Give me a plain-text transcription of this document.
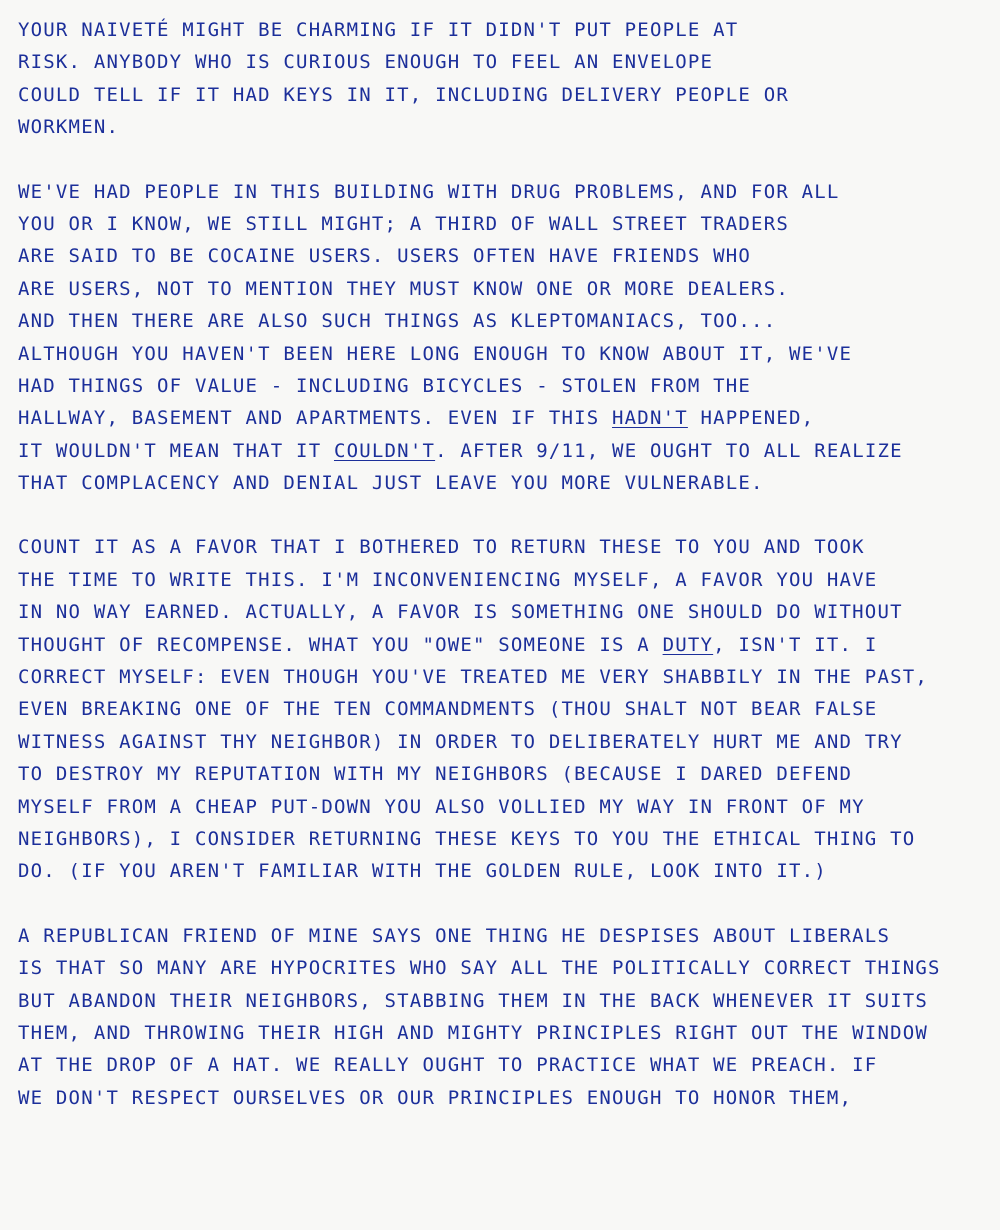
YOUR NAIVETÉ MIGHT BE CHARMING IF IT DIDN'T PUT PEOPLE AT
RISK. ANYBODY WHO IS CURIOUS ENOUGH TO FEEL AN ENVELOPE
COULD TELL IF IT HAD KEYS IN IT, INCLUDING DELIVERY PEOPLE OR
WORKMEN.
WE'VE HAD PEOPLE IN THIS BUILDING WITH DRUG PROBLEMS, AND FOR ALL
YOU OR I KNOW, WE STILL MIGHT; A THIRD OF WALL STREET TRADERS
ARE SAID TO BE COCAINE USERS. USERS OFTEN HAVE FRIENDS WHO
ARE USERS, NOT TO MENTION THEY MUST KNOW ONE OR MORE DEALERS.
AND THEN THERE ARE ALSO SUCH THINGS AS KLEPTOMANIACS, TOO...
ALTHOUGH YOU HAVEN'T BEEN HERE LONG ENOUGH TO KNOW ABOUT IT, WE'VE
HAD THINGS OF VALUE - INCLUDING BICYCLES - STOLEN FROM THE
HALLWAY, BASEMENT AND APARTMENTS. EVEN IF THIS HADN'T HAPPENED,
IT WOULDN'T MEAN THAT IT COULDN'T. AFTER 9/11, WE OUGHT TO ALL REALIZE
THAT COMPLACENCY AND DENIAL JUST LEAVE YOU MORE VULNERABLE.
COUNT IT AS A FAVOR THAT I BOTHERED TO RETURN THESE TO YOU AND TOOK
THE TIME TO WRITE THIS. I'M INCONVENIENCING MYSELF, A FAVOR YOU HAVE
IN NO WAY EARNED. ACTUALLY, A FAVOR IS SOMETHING ONE SHOULD DO WITHOUT
THOUGHT OF RECOMPENSE. WHAT YOU "OWE" SOMEONE IS A DUTY, ISN'T IT. I
CORRECT MYSELF: EVEN THOUGH YOU'VE TREATED ME VERY SHABBILY IN THE PAST,
EVEN BREAKING ONE OF THE TEN COMMANDMENTS (THOU SHALT NOT BEAR FALSE
WITNESS AGAINST THY NEIGHBOR) IN ORDER TO DELIBERATELY HURT ME AND TRY
TO DESTROY MY REPUTATION WITH MY NEIGHBORS (BECAUSE I DARED DEFEND
MYSELF FROM A CHEAP PUT-DOWN YOU ALSO VOLLIED MY WAY IN FRONT OF MY
NEIGHBORS), I CONSIDER RETURNING THESE KEYS TO YOU THE ETHICAL THING TO
DO. (IF YOU AREN'T FAMILIAR WITH THE GOLDEN RULE, LOOK INTO IT.)
A REPUBLICAN FRIEND OF MINE SAYS ONE THING HE DESPISES ABOUT LIBERALS
IS THAT SO MANY ARE HYPOCRITES WHO SAY ALL THE POLITICALLY CORRECT THINGS
BUT ABANDON THEIR NEIGHBORS, STABBING THEM IN THE BACK WHENEVER IT SUITS
THEM, AND THROWING THEIR HIGH AND MIGHTY PRINCIPLES RIGHT OUT THE WINDOW
AT THE DROP OF A HAT. WE REALLY OUGHT TO PRACTICE WHAT WE PREACH. IF
WE DON'T RESPECT OURSELVES OR OUR PRINCIPLES ENOUGH TO HONOR THEM,
